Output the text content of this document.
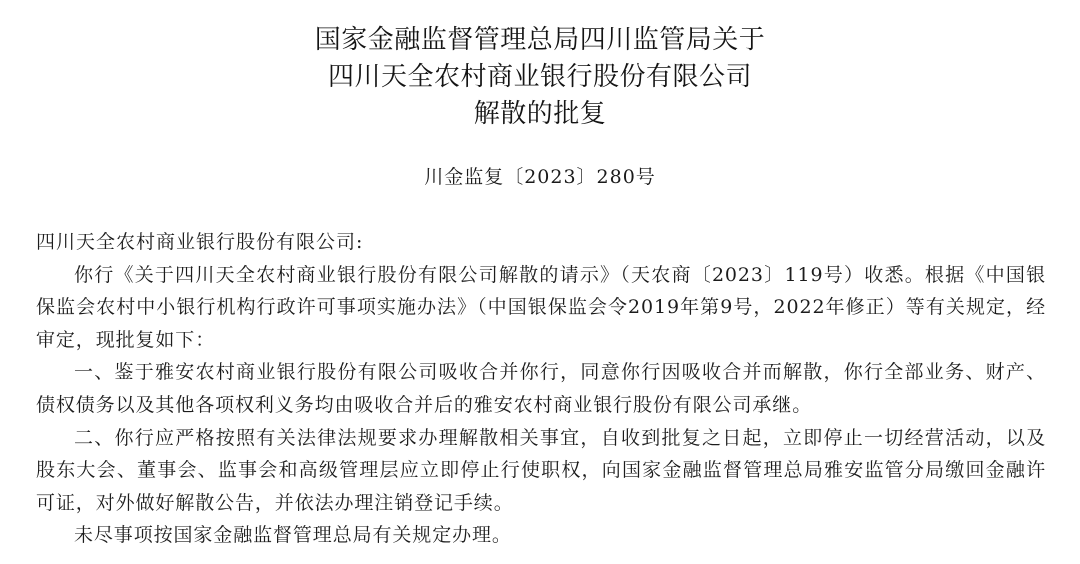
国家金融监督管理总局四川监管局关于
四川天全农村商业银行股份有限公司
解散的批复
川金监复〔2023〕280号

四川天全农村商业银行股份有限公司:

你行《关于四川天全农村商业银行股份有限公司解散的请示》（天农商〔2023〕119号）收悉。根据《中国银保监会农村中小银行机构行政许可事项实施办法》（中国银保监会令2019年第9号，2022年修正）等有关规定，经审定，现批复如下：

一、鉴于雅安农村商业银行股份有限公司吸收合并你行，同意你行因吸收合并而解散，你行全部业务、财产、债权债务以及其他各项权利义务均由吸收合并后的雅安农村商业银行股份有限公司承继。

二、你行应严格按照有关法律法规要求办理解散相关事宜，自收到批复之日起，立即停止一切经营活动，以及股东大会、董事会、监事会和高级管理层应立即停止行使职权，向国家金融监督管理总局雅安监管分局缴回金融许可证，对外做好解散公告，并依法办理注销登记手续。

未尽事项按国家金融监督管理总局有关规定办理。
